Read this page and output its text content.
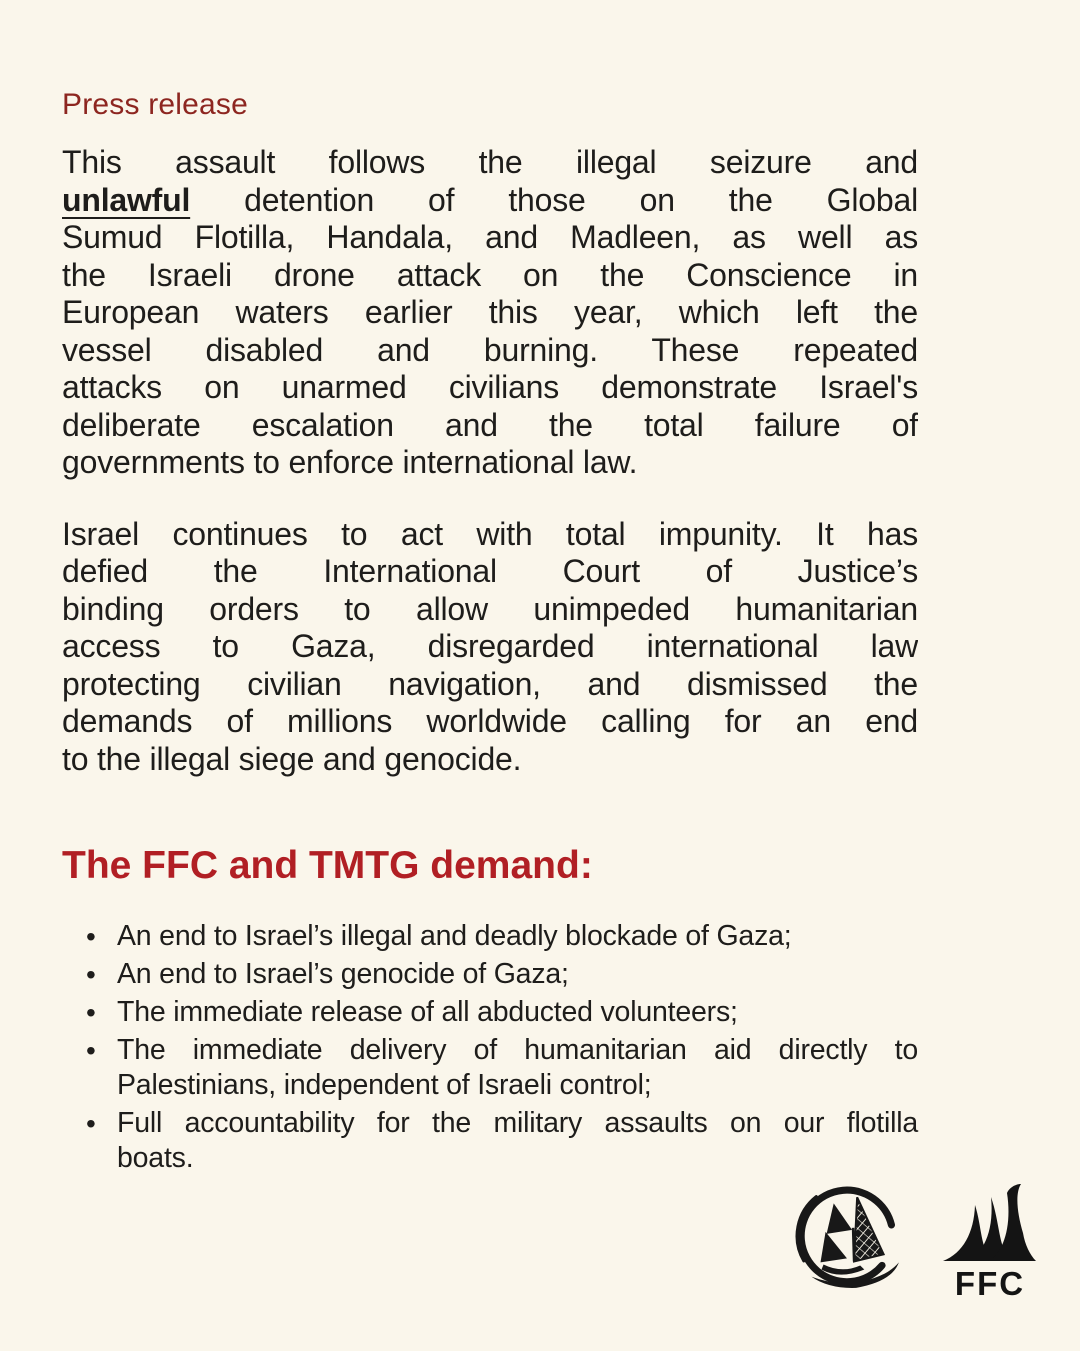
Press release
This assault follows the illegal seizure and
unlawful detention of those on the Global
Sumud Flotilla, Handala, and Madleen, as well as
the Israeli drone attack on the Conscience in
European waters earlier this year, which left the
vessel disabled and burning. These repeated
attacks on unarmed civilians demonstrate Israel's
deliberate escalation and the total failure of
governments to enforce international law.
Israel continues to act with total impunity. It has
defied the International Court of Justice’s
binding orders to allow unimpeded humanitarian
access to Gaza, disregarded international law
protecting civilian navigation, and dismissed the
demands of millions worldwide calling for an end
to the illegal siege and genocide.
The FFC and TMTG demand:
• An end to Israel’s illegal and deadly blockade of Gaza;
• An end to Israel’s genocide of Gaza;
• The immediate release of all abducted volunteers;
• The immediate delivery of humanitarian aid directly to
Palestinians, independent of Israeli control;
• Full accountability for the military assaults on our flotilla
boats.
FFC
